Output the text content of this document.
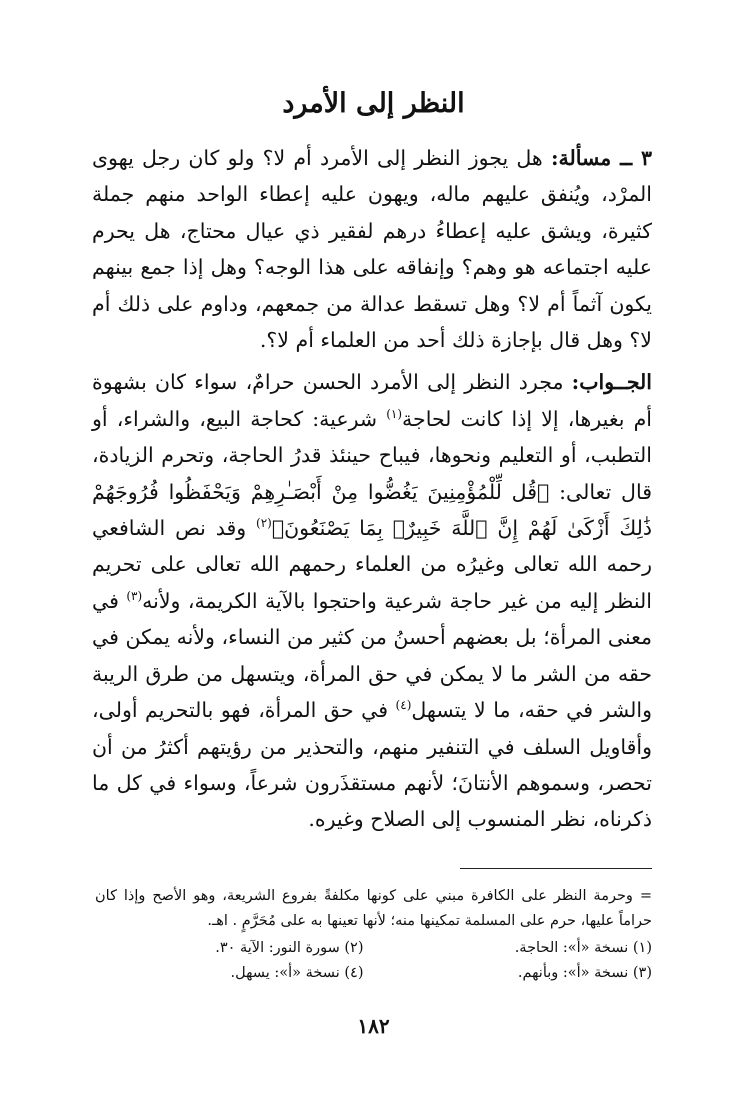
النظر إلى الأمرد

٣ ــ مسألة: هل يجوز النظر إلى الأمرد أم لا؟ ولو كان رجل يهوى المرْد، ويُنفق عليهم ماله، ويهون عليه إعطاء الواحد منهم جملة كثيرة، ويشق عليه إعطاءُ درهم لفقير ذي عيال محتاج، هل يحرم عليه اجتماعه هو وهم؟ وإنفاقه على هذا الوجه؟ وهل إذا جمع بينهم يكون آثماً أم لا؟ وهل تسقط عدالة من جمعهم، وداوم على ذلك أم لا؟ وهل قال بإجازة ذلك أحد من العلماء أم لا؟.

الجــواب: مجرد النظر إلى الأمرد الحسن حرامٌ، سواء كان بشهوة أم بغيرها، إلا إذا كانت لحاجة$^{(١)}$ شرعية: كحاجة البيع، والشراء، أو التطبب، أو التعليم ونحوها، فيباح حينئذ قدرُ الحاجة، وتحرم الزيادة، قال تعالى: ﴿قُل لِّلْمُؤْمِنِينَ يَغُضُّوا مِنْ أَبْصَـٰرِهِمْ وَيَحْفَظُوا فُرُوجَهُمْ ذَٰلِكَ أَزْكَىٰ لَهُمْ إِنَّ ٱللَّهَ خَبِيرٌۢ بِمَا يَصْنَعُونَ﴾$^{(٢)}$ وقد نص الشافعي رحمه الله تعالى وغيرُه من العلماء رحمهم الله تعالى على تحريم النظر إليه من غير حاجة شرعية واحتجوا بالآية الكريمة، ولأنه$^{(٣)}$ في معنى المرأة؛ بل بعضهم أحسنُ من كثير من النساء، ولأنه يمكن في حقه من الشر ما لا يمكن في حق المرأة، ويتسهل من طرق الريبة والشر في حقه، ما لا يتسهل$^{(٤)}$ في حق المرأة، فهو بالتحريم أولى، وأقاويل السلف في التنفير منهم، والتحذير من رؤيتهم أكثرُ من أن تحصر، وسموهم الأنتانَ؛ لأنهم مستقذَرون شرعاً، وسواء في كل ما ذكرناه، نظر المنسوب إلى الصلاح وغيره.

= وحرمة النظر على الكافرة مبني على كونها مكلفةً بفروع الشريعة، وهو الأصح وإذا كان حراماً عليها، حرم على المسلمة تمكينها منه؛ لأنها تعينها به على مُحَرَّمٍ . اهـ.
(١) نسخة «أ»: الحاجة.
(٢) سورة النور: الآية ٣٠.
(٣) نسخة «أ»: وبأنهم.
(٤) نسخة «أ»: يسهل.
١٨٢
